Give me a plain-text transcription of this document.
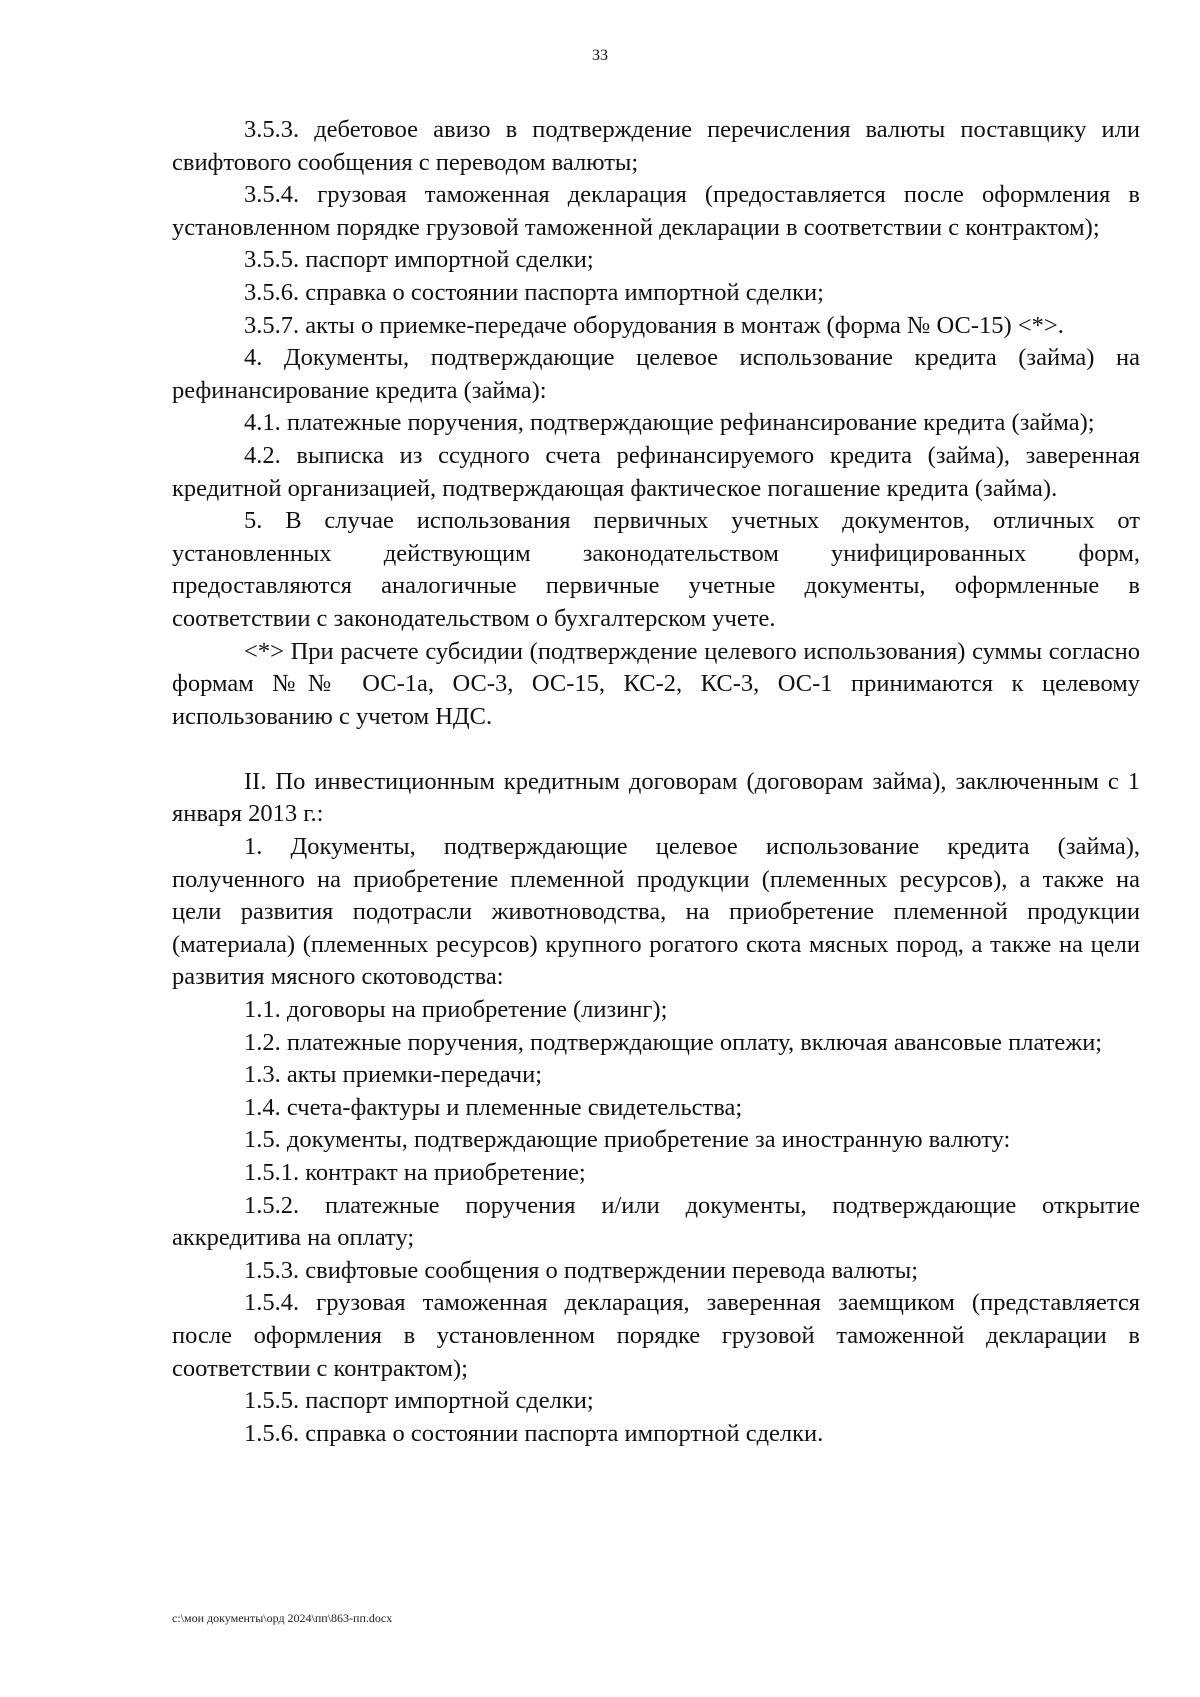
33

3.5.3. дебетовое авизо в подтверждение перечисления валюты поставщику или свифтового сообщения с переводом валюты;

3.5.4. грузовая таможенная декларация (предоставляется после оформления в установленном порядке грузовой таможенной декларации в соответствии с контрактом);

3.5.5. паспорт импортной сделки;

3.5.6. справка о состоянии паспорта импортной сделки;

3.5.7. акты о приемке-передаче оборудования в монтаж (форма № ОС-15) <*>.

4. Документы, подтверждающие целевое использование кредита (займа) на рефинансирование кредита (займа):

4.1. платежные поручения, подтверждающие рефинансирование кредита (займа);

4.2. выписка из ссудного счета рефинансируемого кредита (займа), заверенная кредитной организацией, подтверждающая фактическое погашение кредита (займа).

5. В случае использования первичных учетных документов, отличных от установленных действующим законодательством унифицированных форм, предоставляются аналогичные первичные учетные документы, оформленные в соответствии с законодательством о бухгалтерском учете.

<*> При расчете субсидии (подтверждение целевого использования) суммы согласно формам №№ ОС-1а, ОС-3, ОС-15, КС-2, КС-3, ОС-1 принимаются к целевому использованию с учетом НДС.

II. По инвестиционным кредитным договорам (договорам займа), заключенным с 1 января 2013 г.:

1. Документы, подтверждающие целевое использование кредита (займа), полученного на приобретение племенной продукции (племенных ресурсов), а также на цели развития подотрасли животноводства, на приобретение племенной продукции (материала) (племенных ресурсов) крупного рогатого скота мясных пород, а также на цели развития мясного скотоводства:

1.1. договоры на приобретение (лизинг);

1.2. платежные поручения, подтверждающие оплату, включая авансовые платежи;

1.3. акты приемки-передачи;

1.4. счета-фактуры и племенные свидетельства;

1.5. документы, подтверждающие приобретение за иностранную валюту:

1.5.1. контракт на приобретение;

1.5.2. платежные поручения и/или документы, подтверждающие открытие аккредитива на оплату;

1.5.3. свифтовые сообщения о подтверждении перевода валюты;

1.5.4. грузовая таможенная декларация, заверенная заемщиком (представляется после оформления в установленном порядке грузовой таможенной декларации в соответствии с контрактом);

1.5.5. паспорт импортной сделки;

1.5.6. справка о состоянии паспорта импортной сделки.

c:\мои документы\орд 2024\пп\863-пп.docx
